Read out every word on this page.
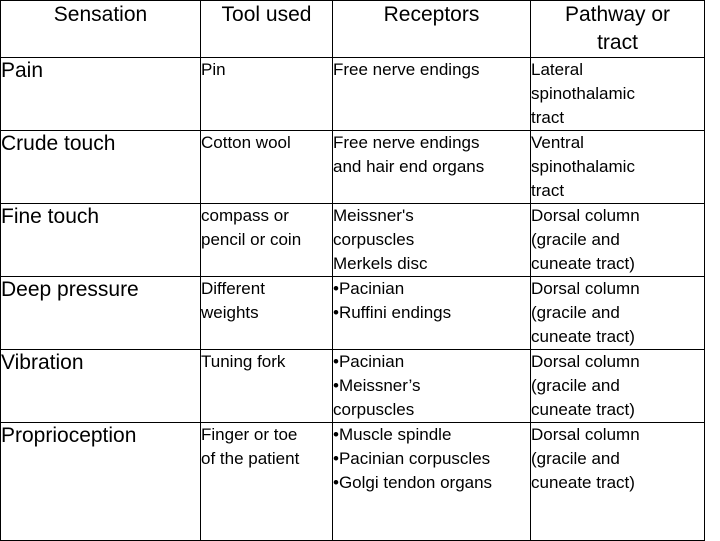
Sensation	Tool used	Receptors	Pathway or
tract

Pain	Pin	Free nerve endings	Lateral
spinothalamic
tract

Crude touch	Cotton wool	Free nerve endings
and hair end organs	Ventral
spinothalamic
tract

Fine touch	compass or
pencil or coin	Meissner's
corpuscles
Merkels disc	Dorsal column
(gracile and
cuneate tract)

Deep pressure	Different
weights	•Pacinian
•Ruffini endings	Dorsal column
(gracile and
cuneate tract)

Vibration	Tuning fork	•Pacinian
•Meissner’s
corpuscles	Dorsal column
(gracile and
cuneate tract)

Proprioception	Finger or toe
of the patient	•Muscle spindle
•Pacinian corpuscles
•Golgi tendon organs	Dorsal column
(gracile and
cuneate tract)
